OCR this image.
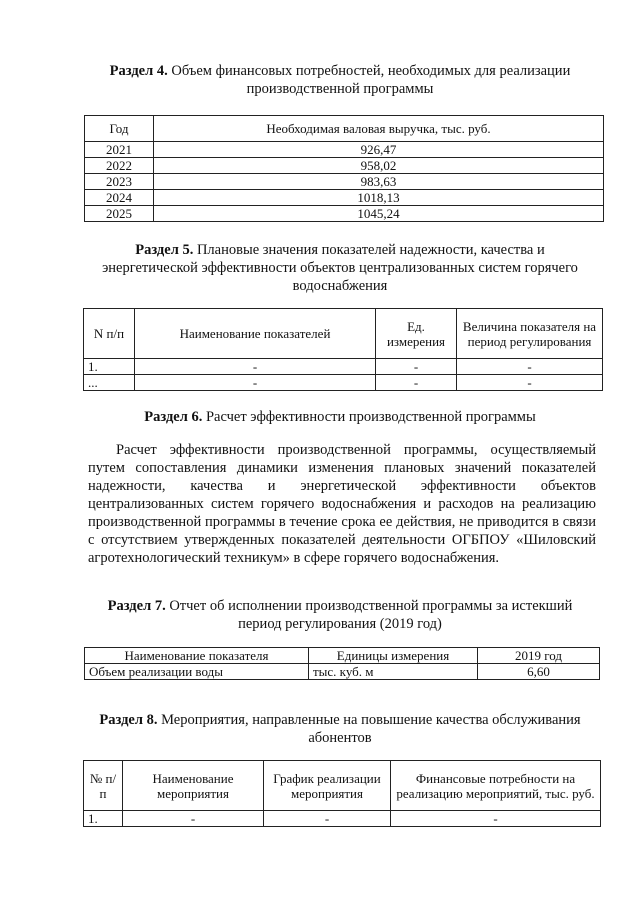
Раздел 4. Объем финансовых потребностей, необходимых для реализации производственной программы
Год	Необходимая валовая выручка, тыс. руб.
2021	926,47
2022	958,02
2023	983,63
2024	1018,13
2025	1045,24
Раздел 5. Плановые значения показателей надежности, качества и энергетической эффективности объектов централизованных систем горячего водоснабжения
N п/п	Наименование показателей	Ед. измерения	Величина показателя на период регулирования
1.	-	-	-
...	-	-	-
Раздел 6. Расчет эффективности производственной программы
Расчет эффективности производственной программы, осуществляемый путем сопоставления динамики изменения плановых значений показателей надежности, качества и энергетической эффективности объектов централизованных систем горячего водоснабжения и расходов на реализацию производственной программы в течение срока ее действия, не приводится в связи с отсутствием утвержденных показателей деятельности ОГБПОУ «Шиловский агротехнологический техникум» в сфере горячего водоснабжения.
Раздел 7. Отчет об исполнении производственной программы за истекший период регулирования (2019 год)
Наименование показателя	Единицы измерения	2019 год
Объем реализации воды	тыс. куб. м	6,60
Раздел 8. Мероприятия, направленные на повышение качества обслуживания абонентов
№ п/п	Наименование мероприятия	График реализации мероприятия	Финансовые потребности на реализацию мероприятий, тыс. руб.
1.	-	-	-
